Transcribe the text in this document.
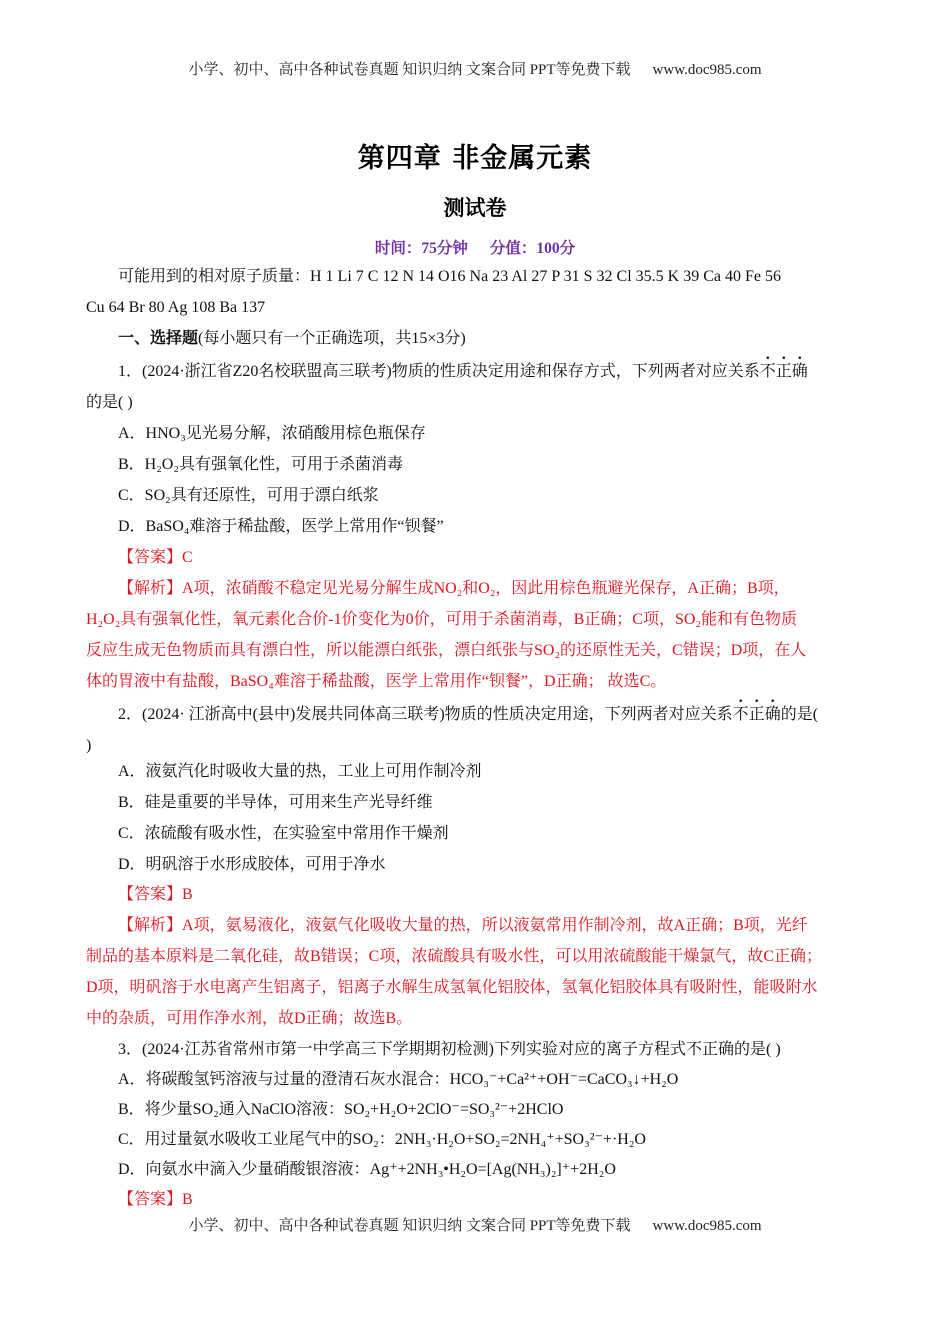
小学、初中、高中各种试卷真题 知识归纳 文案合同 PPT等免费下载 www.doc985.com
第四章 非金属元素
测试卷
时间：75分钟 分值：100分
可能用到的相对原子质量：H 1 Li 7 C 12 N 14 O16 Na 23 Al 27 P 31 S 32 Cl 35.5 K 39 Ca 40 Fe 56
Cu 64 Br 80 Ag 108 Ba 137
一、选择题(每小题只有一个正确选项，共15×3分)
1．(2024·浙江省Z20名校联盟高三联考)物质的性质决定用途和保存方式，下列两者对应关系不正确
的是( )
A．HNO₃见光易分解，浓硝酸用棕色瓶保存
B．H₂O₂具有强氧化性，可用于杀菌消毒
C．SO₂具有还原性，可用于漂白纸浆
D．BaSO₄难溶于稀盐酸，医学上常用作“钡餐”
【答案】C
【解析】A项，浓硝酸不稳定见光易分解生成NO₂和O₂，因此用棕色瓶避光保存，A正确；B项，
H₂O₂具有强氧化性，氧元素化合价-1价变化为0价，可用于杀菌消毒，B正确；C项，SO₂能和有色物质
反应生成无色物质而具有漂白性，所以能漂白纸张，漂白纸张与SO₂的还原性无关，C错误；D项，在人
体的胃液中有盐酸，BaSO₄难溶于稀盐酸，医学上常用作“钡餐”，D正确； 故选C。
2．(2024· 江浙高中(县中)发展共同体高三联考)物质的性质决定用途，下列两者对应关系不正确的是(
)
A．液氨汽化时吸收大量的热，工业上可用作制冷剂
B．硅是重要的半导体，可用来生产光导纤维
C．浓硫酸有吸水性，在实验室中常用作干燥剂
D．明矾溶于水形成胶体，可用于净水
【答案】B
【解析】A项，氨易液化，液氨气化吸收大量的热，所以液氨常用作制冷剂，故A正确；B项，光纤
制品的基本原料是二氧化硅，故B错误；C项，浓硫酸具有吸水性，可以用浓硫酸能干燥氯气，故C正确；
D项，明矾溶于水电离产生铝离子，铝离子水解生成氢氧化铝胶体，氢氧化铝胶体具有吸附性，能吸附水
中的杂质，可用作净水剂，故D正确；故选B。
3．(2024·江苏省常州市第一中学高三下学期期初检测)下列实验对应的离子方程式不正确的是( )
A．将碳酸氢钙溶液与过量的澄清石灰水混合：HCO₃⁻+Ca²⁺+OH⁻=CaCO₃↓+H₂O
B．将少量SO₂通入NaClO溶液：SO₂+H₂O+2ClO⁻=SO₃²⁻+2HClO
C．用过量氨水吸收工业尾气中的SO₂：2NH₃·H₂O+SO₂=2NH₄⁺+SO₃²⁻+·H₂O
D．向氨水中滴入少量硝酸银溶液：Ag⁺+2NH₃•H₂O=[Ag(NH₃)₂]⁺+2H₂O
【答案】B
小学、初中、高中各种试卷真题 知识归纳 文案合同 PPT等免费下载 www.doc985.com
